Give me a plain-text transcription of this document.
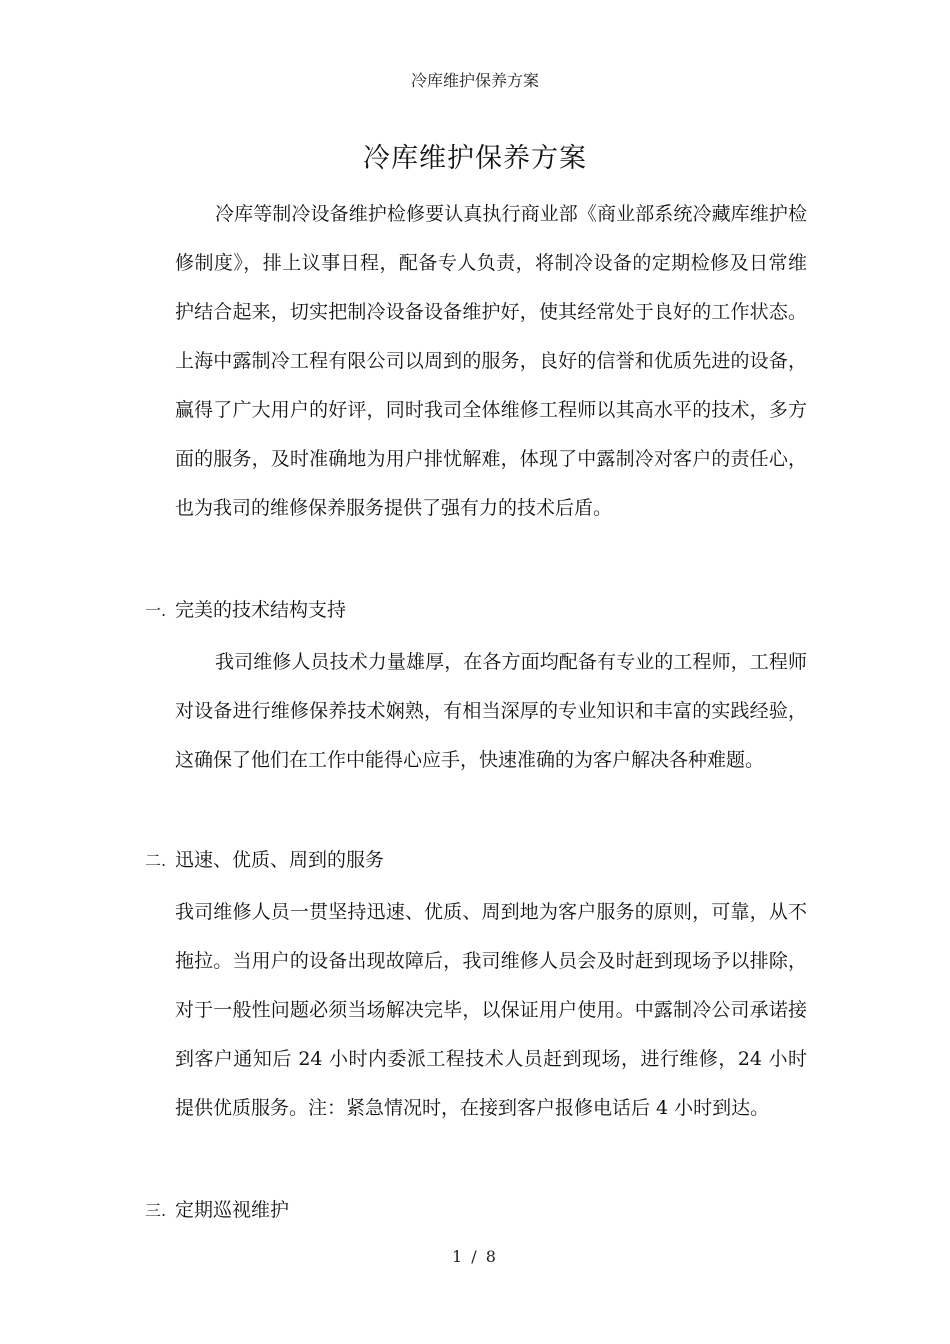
冷库维护保养方案
冷库维护保养方案

冷库等制冷设备维护检修要认真执行商业部《商业部系统冷藏库维护检修制度》，排上议事日程，配备专人负责，将制冷设备的定期检修及日常维护结合起来，切实把制冷设备设备维护好，使其经常处于良好的工作状态。上海中露制冷工程有限公司以周到的服务，良好的信誉和优质先进的设备，赢得了广大用户的好评，同时我司全体维修工程师以其高水平的技术，多方面的服务，及时准确地为用户排忧解难，体现了中露制冷对客户的责任心，也为我司的维修保养服务提供了强有力的技术后盾。

一. 完美的技术结构支持

我司维修人员技术力量雄厚，在各方面均配备有专业的工程师，工程师对设备进行维修保养技术娴熟，有相当深厚的专业知识和丰富的实践经验，这确保了他们在工作中能得心应手，快速准确的为客户解决各种难题。

二. 迅速、优质、周到的服务

我司维修人员一贯坚持迅速、优质、周到地为客户服务的原则，可靠，从不拖拉。当用户的设备出现故障后，我司维修人员会及时赶到现场予以排除，对于一般性问题必须当场解决完毕，以保证用户使用。中露制冷公司承诺接到客户通知后 24 小时内委派工程技术人员赶到现场，进行维修，24 小时提供优质服务。注：紧急情况时，在接到客户报修电话后 4 小时到达。

三. 定期巡视维护
1 / 8
